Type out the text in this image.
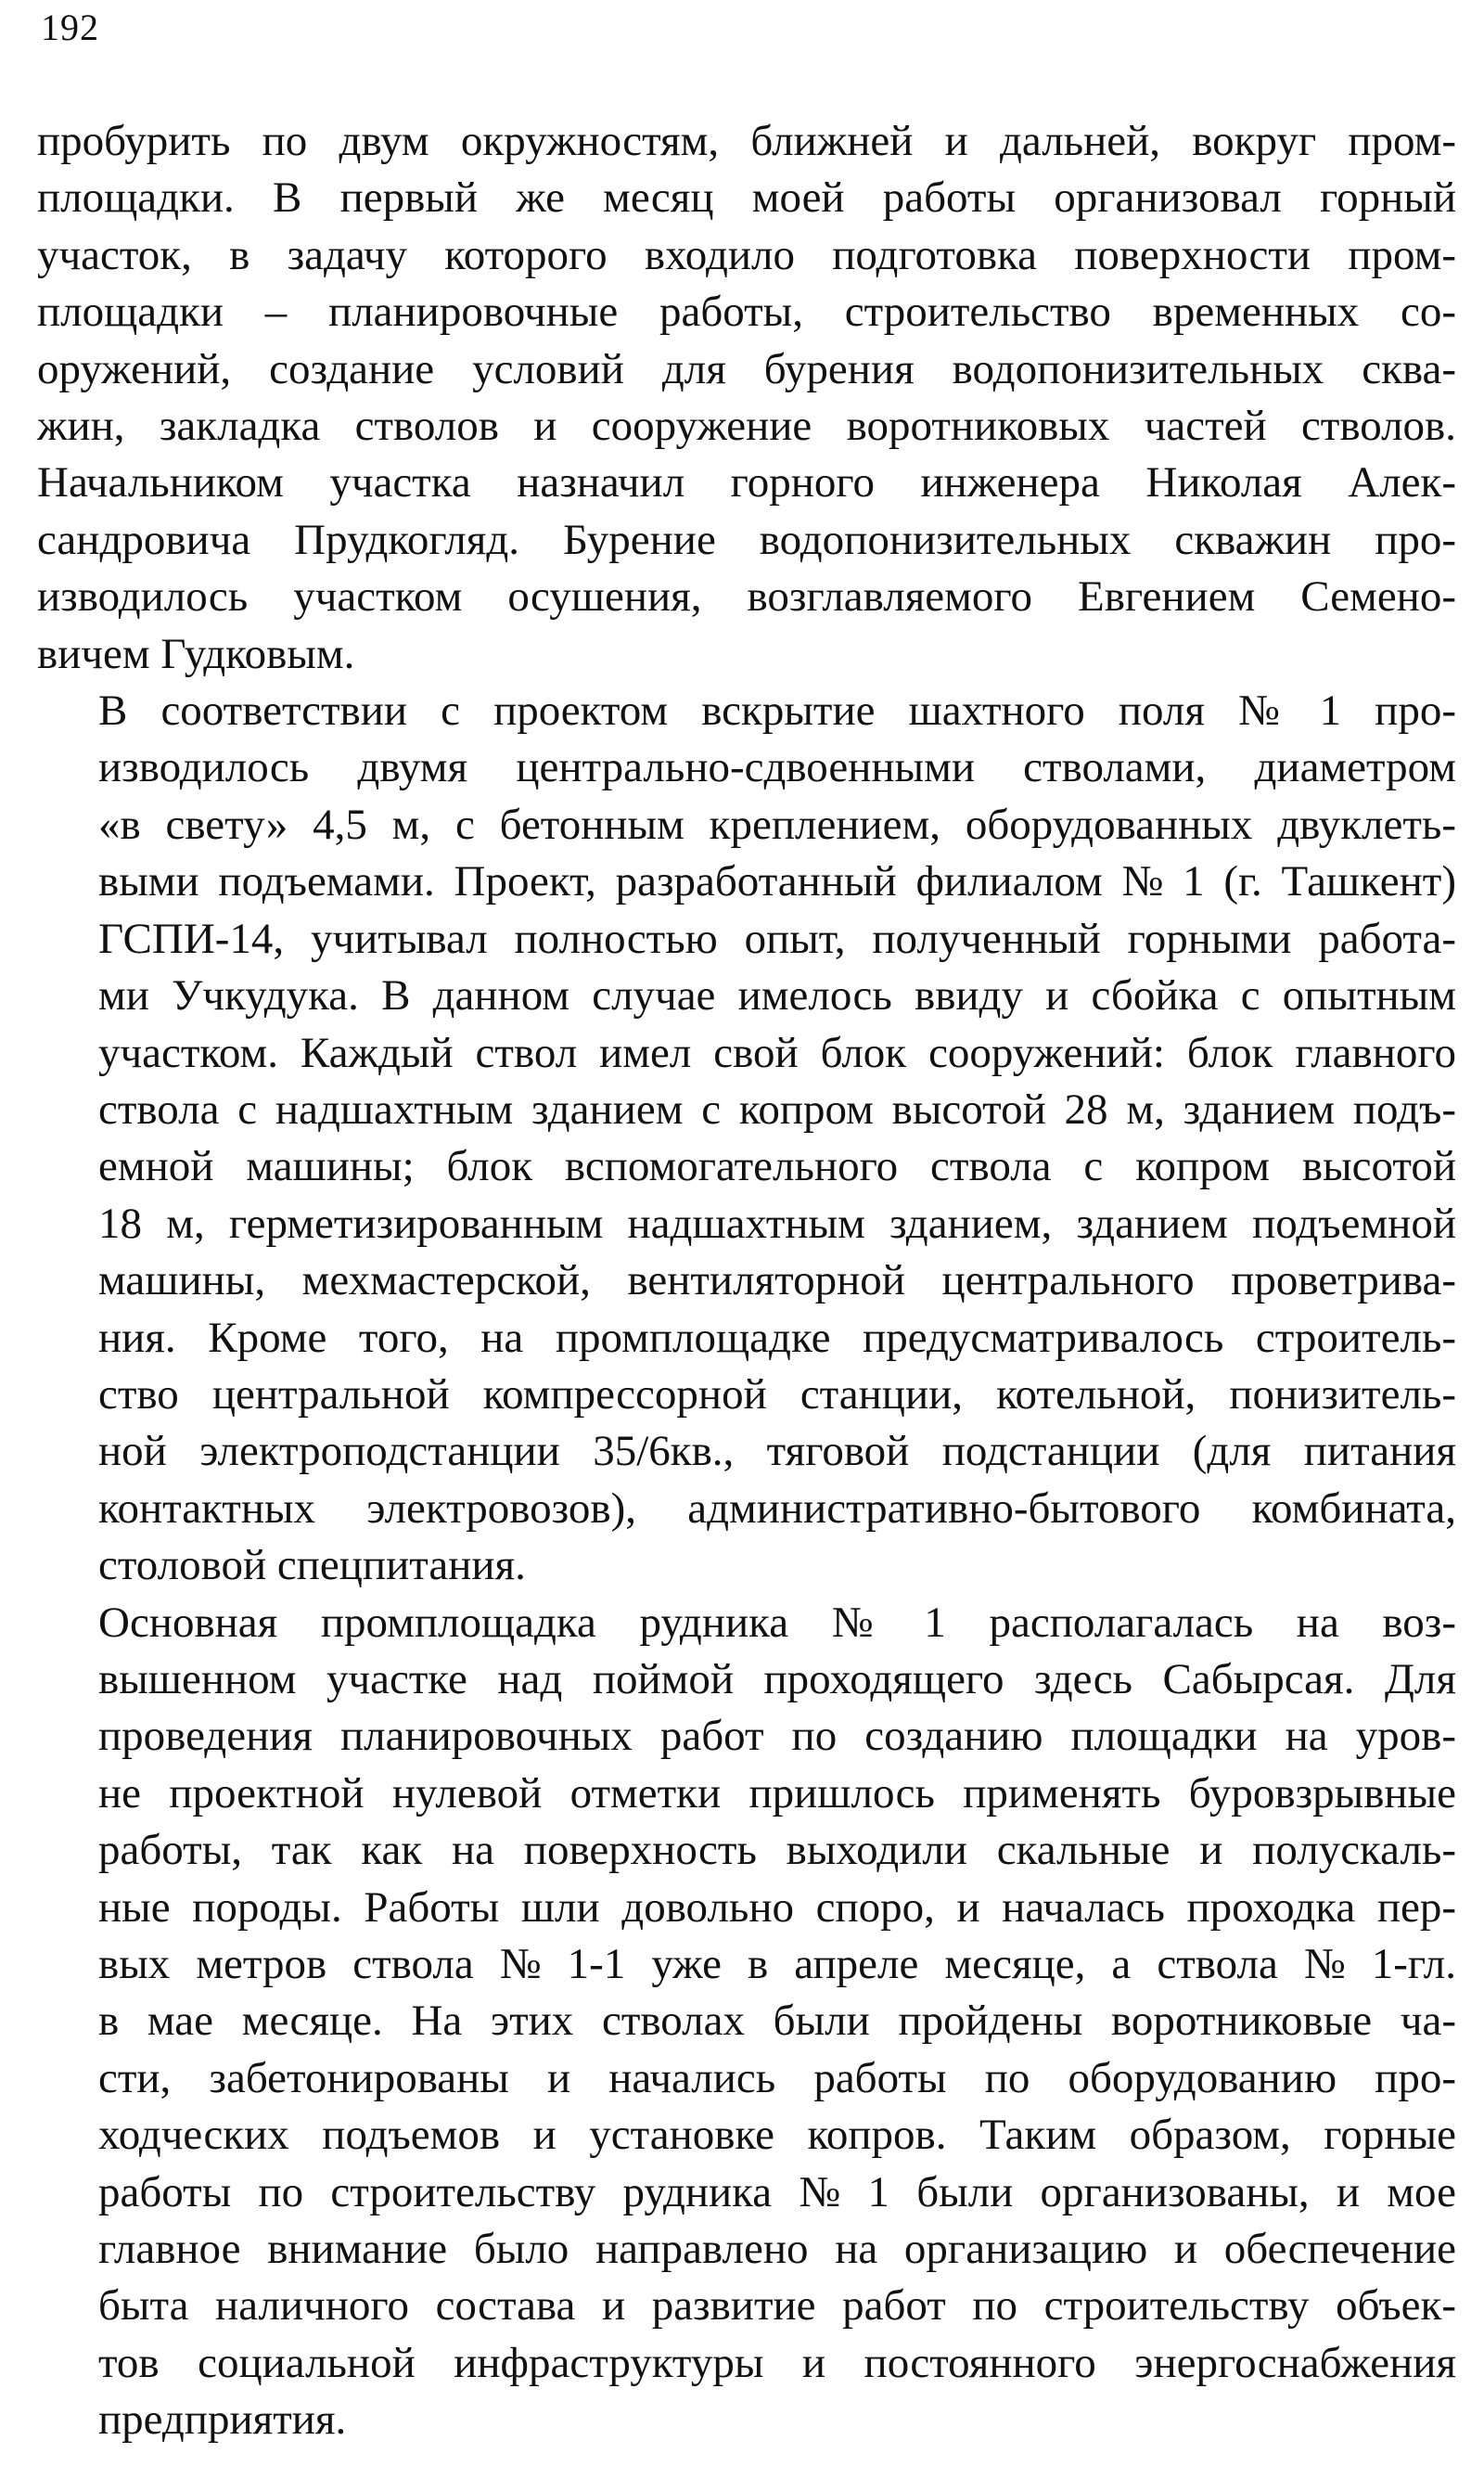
192
пробурить по двум окружностям, ближней и дальней, вокруг пром-
площадки. В первый же месяц моей работы организовал горный
участок, в задачу которого входило подготовка поверхности пром-
площадки – планировочные работы, строительство временных со-
оружений, создание условий для бурения водопонизительных сква-
жин, закладка стволов и сооружение воротниковых частей стволов.
Начальником участка назначил горного инженера Николая Алек-
сандровича Прудкогляд. Бурение водопонизительных скважин про-
изводилось участком осушения, возглавляемого Евгением Семено-
вичем Гудковым.
В соответствии с проектом вскрытие шахтного поля № 1 про-
изводилось двумя центрально-сдвоенными стволами, диаметром
«в свету» 4,5 м, с бетонным креплением, оборудованных двуклеть-
выми подъемами. Проект, разработанный филиалом № 1 (г. Ташкент)
ГСПИ-14, учитывал полностью опыт, полученный горными работа-
ми Учкудука. В данном случае имелось ввиду и сбойка с опытным
участком. Каждый ствол имел свой блок сооружений: блок главного
ствола с надшахтным зданием с копром высотой 28 м, зданием подъ-
емной машины; блок вспомогательного ствола с копром высотой
18 м, герметизированным надшахтным зданием, зданием подъемной
машины, мехмастерской, вентиляторной центрального проветрива-
ния. Кроме того, на промплощадке предусматривалось строитель-
ство центральной компрессорной станции, котельной, понизитель-
ной электроподстанции 35/6кв., тяговой подстанции (для питания
контактных электровозов), административно-бытового комбината,
столовой спецпитания.
Основная промплощадка рудника № 1 располагалась на воз-
вышенном участке над поймой проходящего здесь Сабырсая. Для
проведения планировочных работ по созданию площадки на уров-
не проектной нулевой отметки пришлось применять буровзрывные
работы, так как на поверхность выходили скальные и полускаль-
ные породы. Работы шли довольно споро, и началась проходка пер-
вых метров ствола № 1-1 уже в апреле месяце, а ствола № 1-гл.
в мае месяце. На этих стволах были пройдены воротниковые ча-
сти, забетонированы и начались работы по оборудованию про-
ходческих подъемов и установке копров. Таким образом, горные
работы по строительству рудника № 1 были организованы, и мое
главное внимание было направлено на организацию и обеспечение
быта наличного состава и развитие работ по строительству объек-
тов социальной инфраструктуры и постоянного энергоснабжения
предприятия.
